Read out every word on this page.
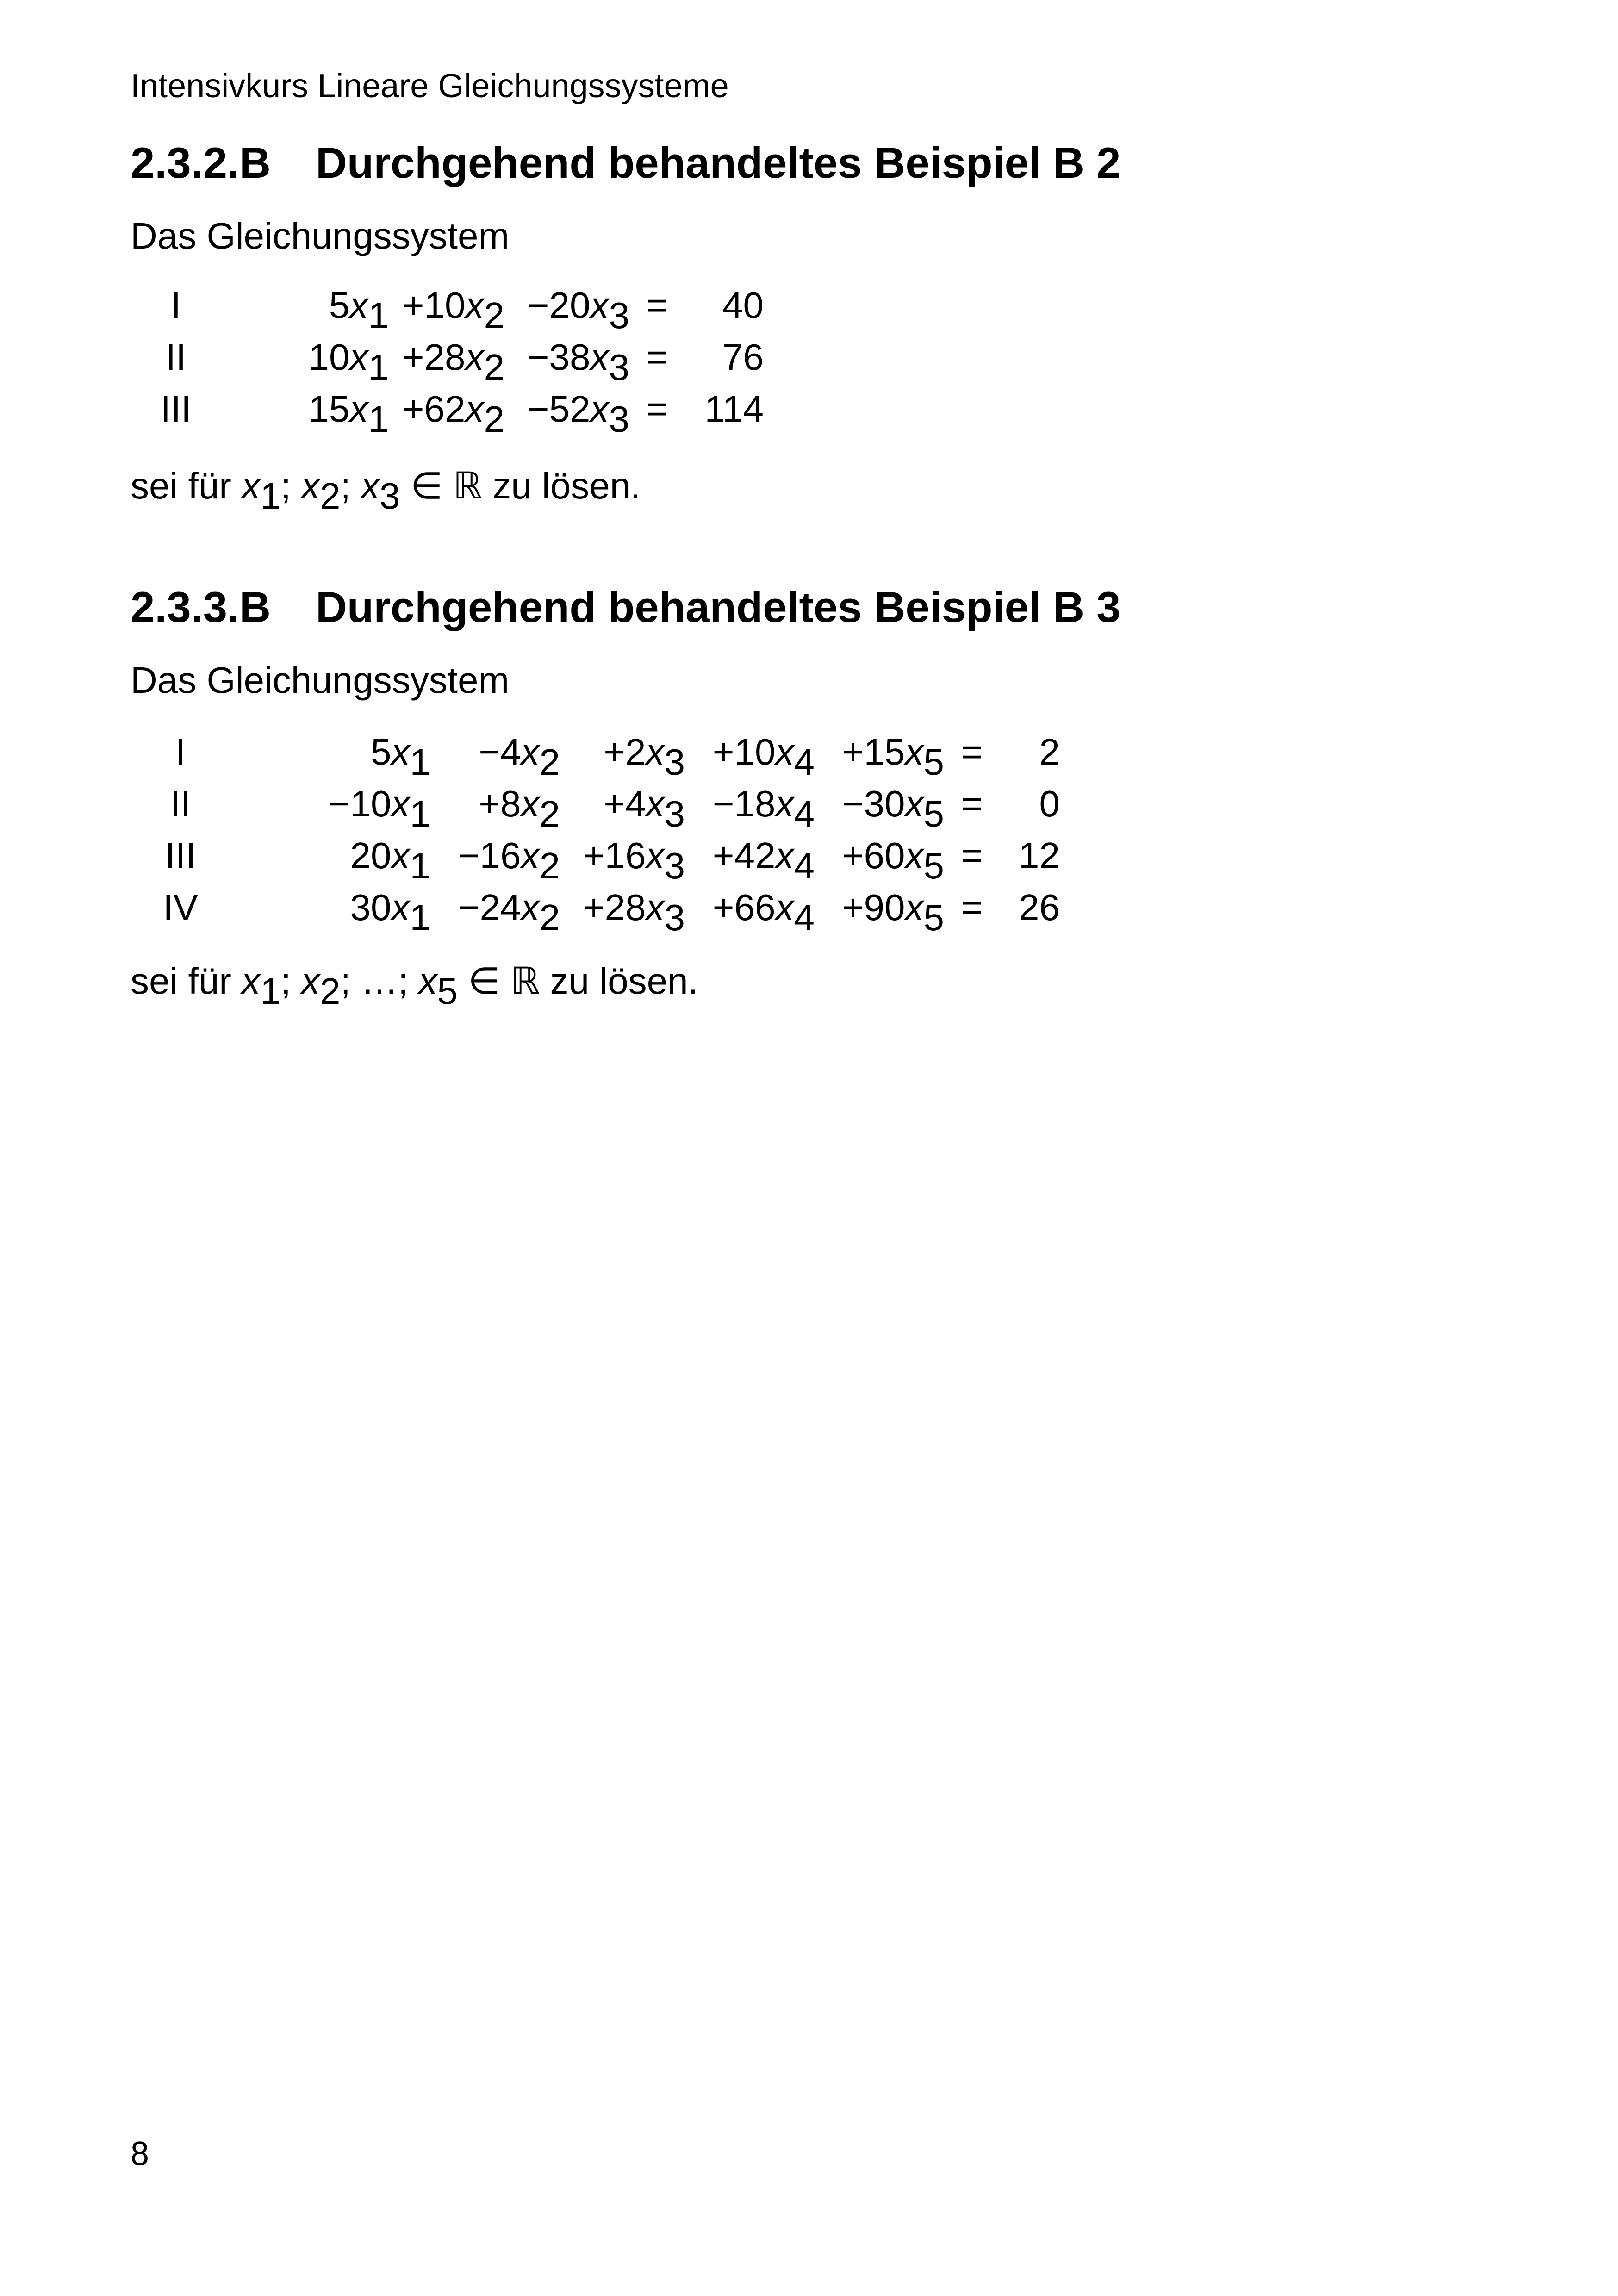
Intensivkurs Lineare Gleichungssysteme
2.3.2.B Durchgehend behandeltes Beispiel B 2
Das Gleichungssystem
I	5x1	+10x2	−20x3	=	40
II	10x1	+28x2	−38x3	=	76
III	15x1	+62x2	−52x3	=	114
sei für x1; x2; x3 ∈ ℝ zu lösen.
2.3.3.B Durchgehend behandeltes Beispiel B 3
Das Gleichungssystem
I	5x1	−4x2	+2x3	+10x4	+15x5	=	2
II	−10x1	+8x2	+4x3	−18x4	−30x5	=	0
III	20x1	−16x2	+16x3	+42x4	+60x5	=	12
IV	30x1	−24x2	+28x3	+66x4	+90x5	=	26
sei für x1; x2; …; x5 ∈ ℝ zu lösen.
8
